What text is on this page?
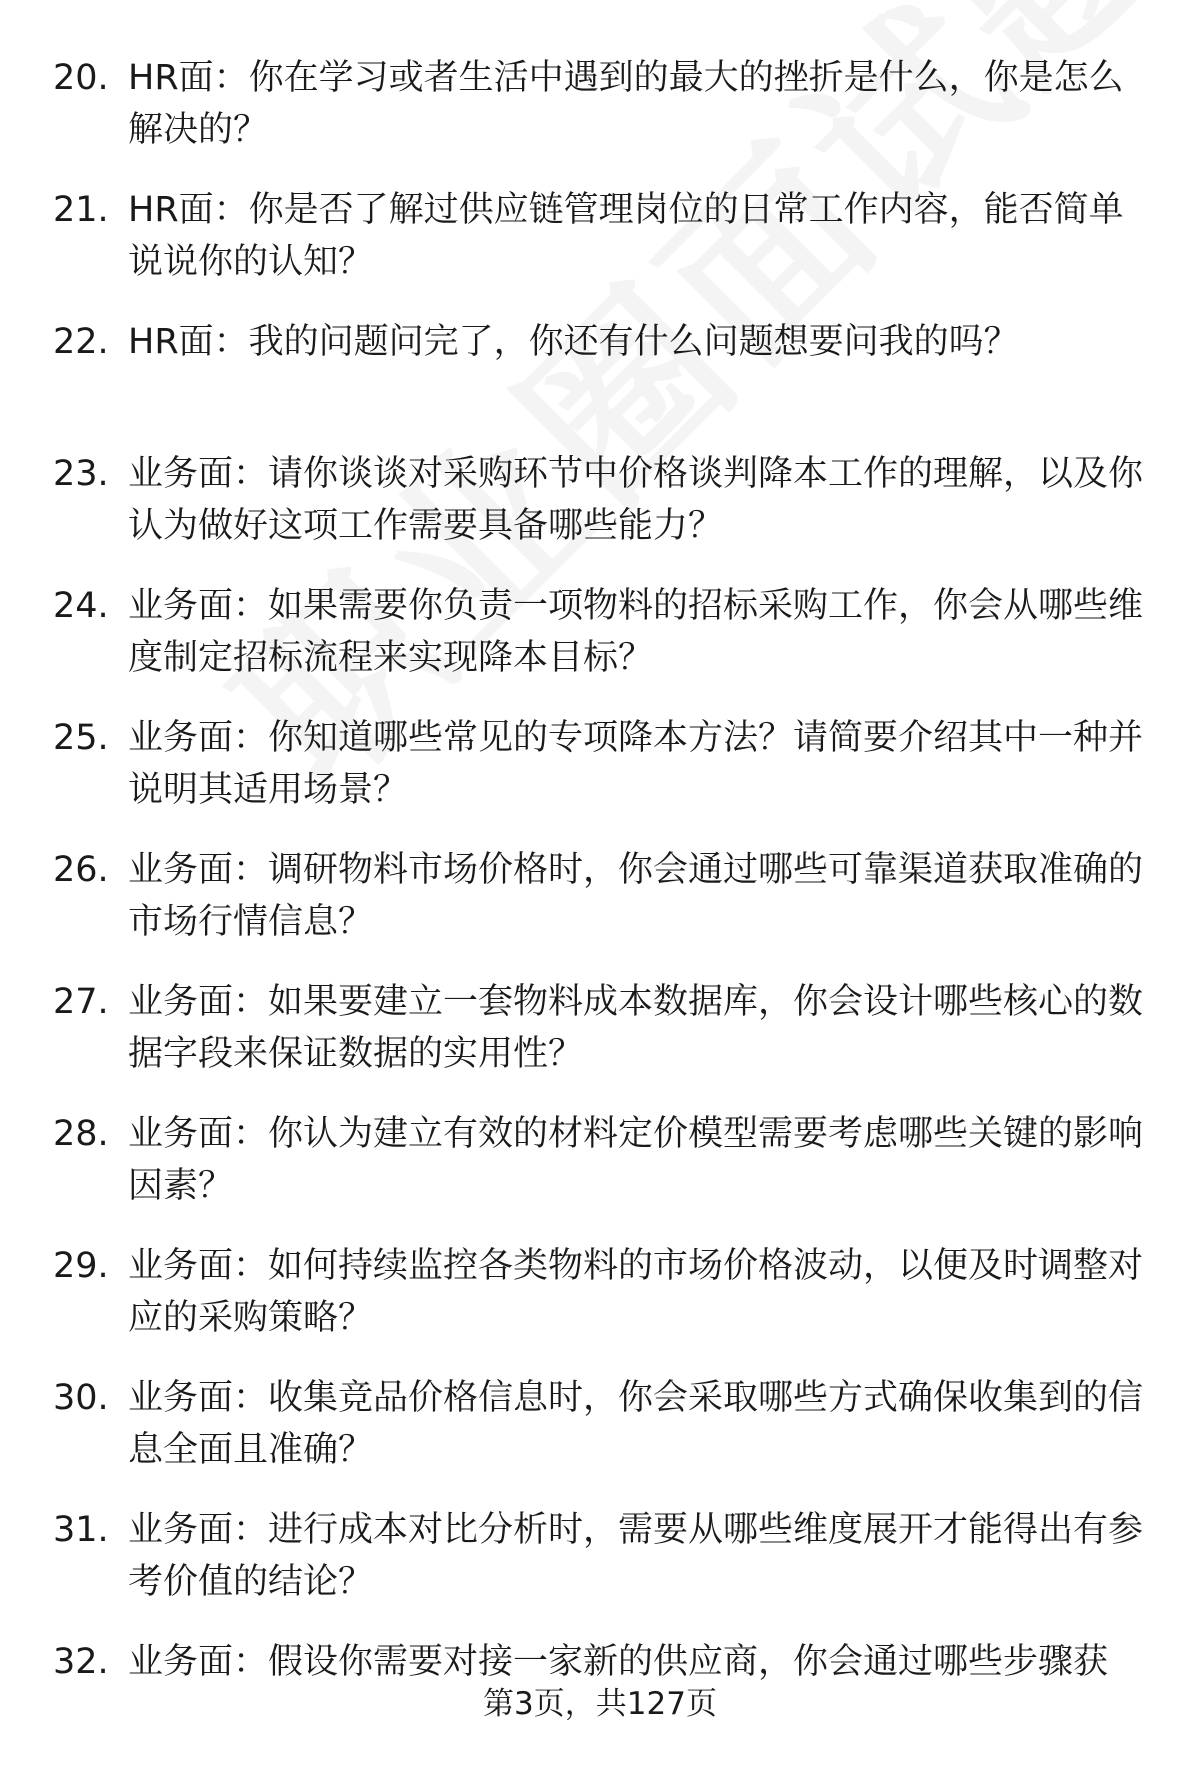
20. HR面：你在学习或者生活中遇到的最大的挫折是什么，你是怎么解决的？
21. HR面：你是否了解过供应链管理岗位的日常工作内容，能否简单说说你的认知？
22. HR面：我的问题问完了，你还有什么问题想要问我的吗？
23. 业务面：请你谈谈对采购环节中价格谈判降本工作的理解，以及你认为做好这项工作需要具备哪些能力？
24. 业务面：如果需要你负责一项物料的招标采购工作，你会从哪些维度制定招标流程来实现降本目标？
25. 业务面：你知道哪些常见的专项降本方法？请简要介绍其中一种并说明其适用场景？
26. 业务面：调研物料市场价格时，你会通过哪些可靠渠道获取准确的市场行情信息？
27. 业务面：如果要建立一套物料成本数据库，你会设计哪些核心的数据字段来保证数据的实用性？
28. 业务面：你认为建立有效的材料定价模型需要考虑哪些关键的影响因素？
29. 业务面：如何持续监控各类物料的市场价格波动，以便及时调整对应的采购策略？
30. 业务面：收集竞品价格信息时，你会采取哪些方式确保收集到的信息全面且准确？
31. 业务面：进行成本对比分析时，需要从哪些维度展开才能得出有参考价值的结论？
32. 业务面：假设你需要对接一家新的供应商，你会通过哪些步骤获
第3页，共127页
